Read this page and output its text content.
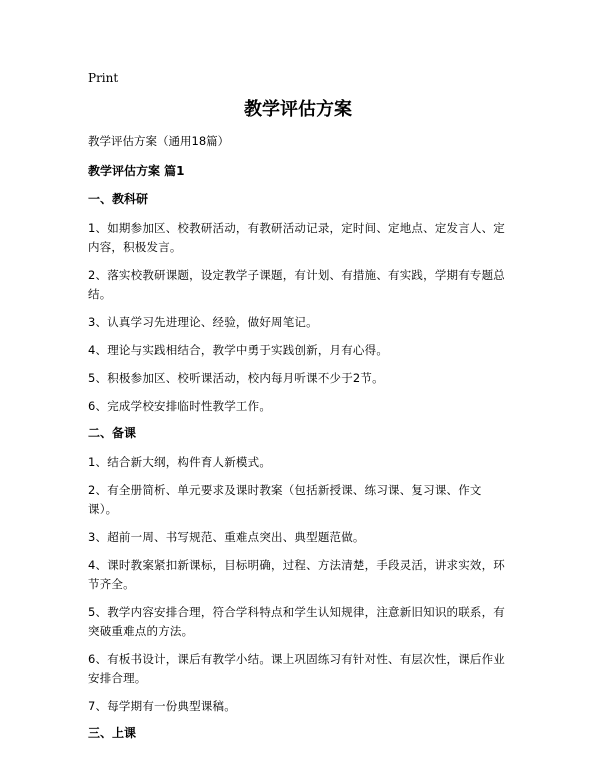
Print
教学评估方案
教学评估方案（通用18篇）
教学评估方案 篇1
一、教科研

1、如期参加区、校教研活动，有教研活动记录，定时间、定地点、定发言人、定内容，积极发言。

2、落实校教研课题，设定教学子课题，有计划、有措施、有实践，学期有专题总结。

3、认真学习先进理论、经验，做好周笔记。

4、理论与实践相结合，教学中勇于实践创新，月有心得。

5、积极参加区、校听课活动，校内每月听课不少于2节。

6、完成学校安排临时性教学工作。

二、备课

1、结合新大纲，构件育人新模式。

2、有全册简析、单元要求及课时教案（包括新授课、练习课、复习课、作文课）。

3、超前一周、书写规范、重难点突出、典型题范做。

4、课时教案紧扣新课标，目标明确，过程、方法清楚，手段灵活，讲求实效，环节齐全。

5、教学内容安排合理，符合学科特点和学生认知规律，注意新旧知识的联系，有突破重难点的方法。

6、有板书设计，课后有教学小结。课上巩固练习有针对性、有层次性，课后作业安排合理。

7、每学期有一份典型课稿。

三、上课
